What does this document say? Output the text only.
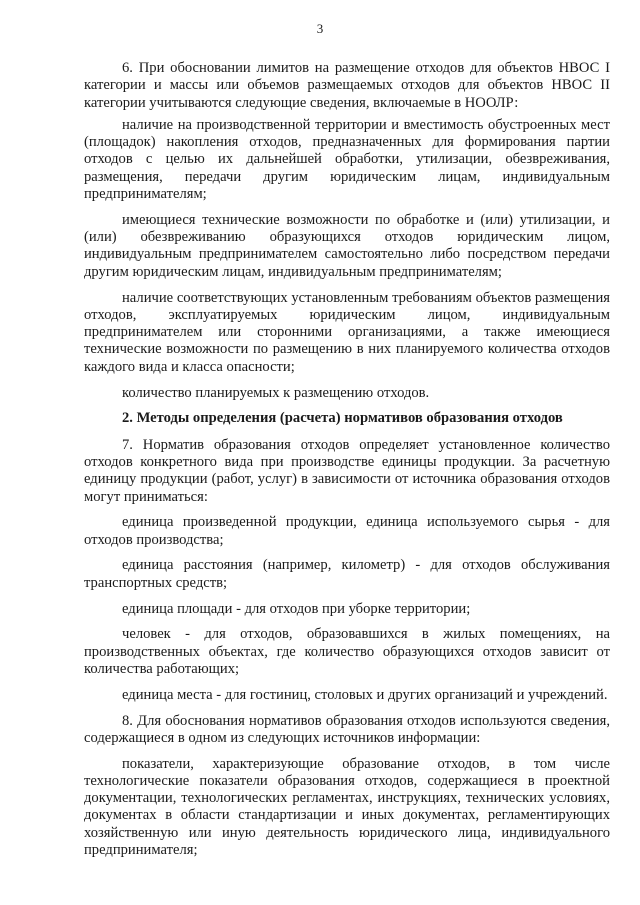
3

6. При обосновании лимитов на размещение отходов для объектов НВОС I категории и массы или объемов размещаемых отходов для объектов НВОС II категории учитываются следующие сведения, включаемые в НООЛР:

наличие на производственной территории и вместимость обустроенных мест (площадок) накопления отходов, предназначенных для формирования партии отходов с целью их дальнейшей обработки, утилизации, обезвреживания, размещения, передачи другим юридическим лицам, индивидуальным предпринимателям;

имеющиеся технические возможности по обработке и (или) утилизации, и (или) обезвреживанию образующихся отходов юридическим лицом, индивидуальным предпринимателем самостоятельно либо посредством передачи другим юридическим лицам, индивидуальным предпринимателям;

наличие соответствующих установленным требованиям объектов размещения отходов, эксплуатируемых юридическим лицом, индивидуальным предпринимателем или сторонними организациями, а также имеющиеся технические возможности по размещению в них планируемого количества отходов каждого вида и класса опасности;

количество планируемых к размещению отходов.

2. Методы определения (расчета) нормативов образования отходов

7. Норматив образования отходов определяет установленное количество отходов конкретного вида при производстве единицы продукции. За расчетную единицу продукции (работ, услуг) в зависимости от источника образования отходов могут приниматься:

единица произведенной продукции, единица используемого сырья - для отходов производства;

единица расстояния (например, километр) - для отходов обслуживания транспортных средств;

единица площади - для отходов при уборке территории;

человек - для отходов, образовавшихся в жилых помещениях, на производственных объектах, где количество образующихся отходов зависит от количества работающих;

единица места - для гостиниц, столовых и других организаций и учреждений.

8. Для обоснования нормативов образования отходов используются сведения, содержащиеся в одном из следующих источников информации:

показатели, характеризующие образование отходов, в том числе технологические показатели образования отходов, содержащиеся в проектной документации, технологических регламентах, инструкциях, технических условиях, документах в области стандартизации и иных документах, регламентирующих хозяйственную или иную деятельность юридического лица, индивидуального предпринимателя;
